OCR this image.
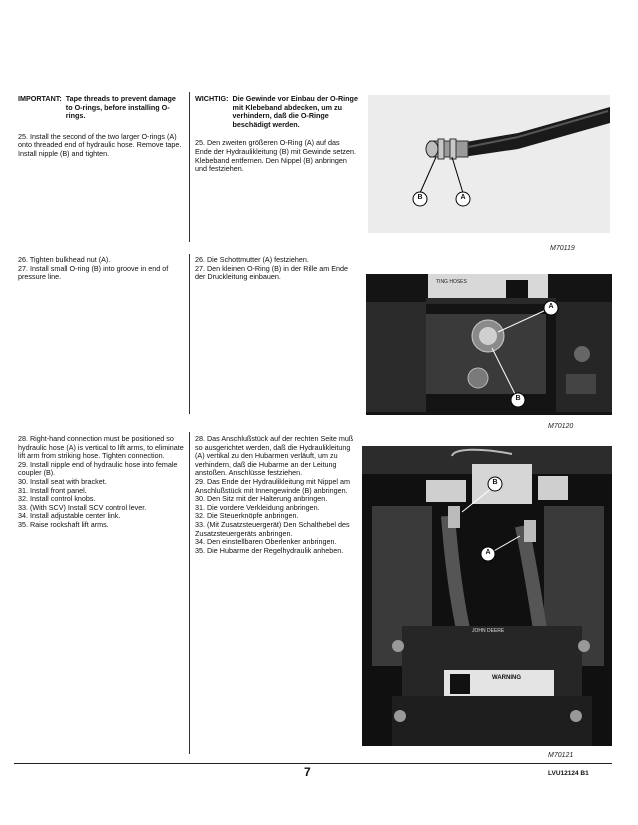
IMPORTANT: Tape threads to prevent damage to O-rings, before installing O-rings.

25. Install the second of the two larger O-rings (A) onto threaded end of hydraulic hose. Remove tape. Install nipple (B) and tighten.

WICHTIG: Die Gewinde vor Einbau der O-Ringe mit Klebeband abdecken, um zu verhindern, daß die O-Ringe beschädigt werden.

25. Den zweiten größeren O-Ring (A) auf das Ende der Hydraulikleitung (B) mit Gewinde setzen. Klebeband entfernen. Den Nippel (B) anbringen und festziehen.

B	A
M70119

26. Tighten bulkhead nut (A).
27. Install small O-ring (B) into groove in end of pressure line.

26. Die Schottmutter (A) festziehen.
27. Den kleinen O-Ring (B) in der Rille am Ende der Druckleitung einbauen.

TING HOSES
A
B
M70120

28. Right-hand connection must be positioned so hydraulic hose (A) is vertical to lift arms, to eliminate lift arm from striking hose. Tighten connection.
29. Install nipple end of hydraulic hose into female coupler (B).
30. Install seat with bracket.
31. Install front panel.
32. Install control knobs.
33. (With SCV) Install SCV control lever.
34. Install adjustable center link.
35. Raise rockshaft lift arms.

28. Das Anschlußstück auf der rechten Seite muß so ausgerichtet werden, daß die Hydraulikleitung (A) vertikal zu den Hubarmen verläuft, um zu verhindern, daß die Hubarme an der Leitung anstoßen. Anschlüsse festziehen.
29. Das Ende der Hydraulikleitung mit Nippel am Anschlußstück mit Innengewinde (B) anbringen.
30. Den Sitz mit der Halterung anbringen.
31. Die vordere Verkleidung anbringen.
32. Die Steuerknöpfe anbringen.
33. (Mit Zusatzsteuergerät) Den Schalthebel des Zusatzsteuergeräts anbringen.
34. Den einstellbaren Oberlenker anbringen.
35. Die Hubarme der Regelhydraulik anheben.

B
A
JOHN DEERE
WARNING
M70121
7	LVU12124 B1
